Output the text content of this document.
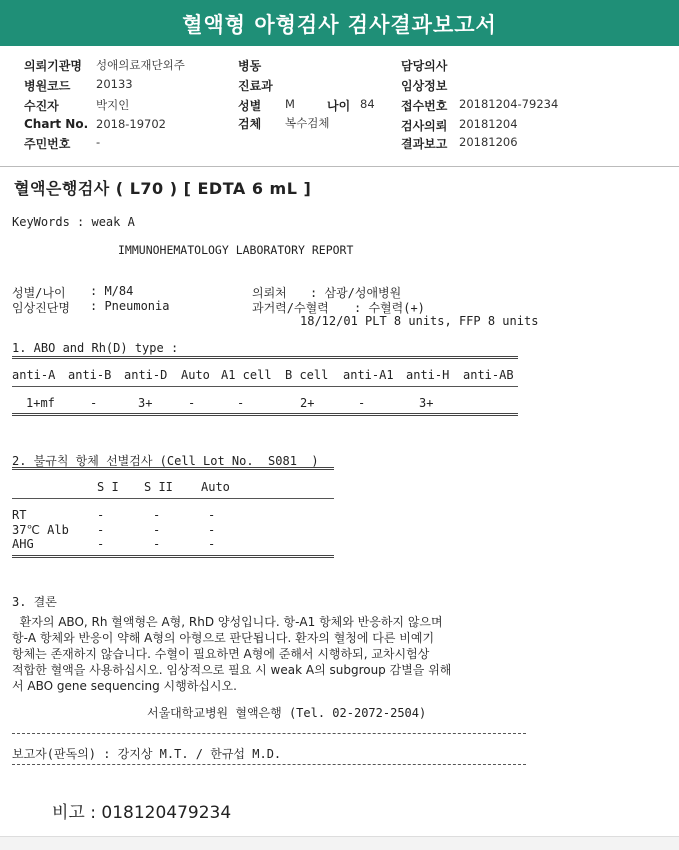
혈액형 아형검사 검사결과보고서
의뢰기관명 성애의료재단외주
병원코드 20133
수진자	박지인
Chart No. 2018-19702
주민번호 -
병동
진료과
성별 M	나이 84
검체 복수검체
담당의사
임상정보
접수번호 20181204-79234
검사의뢰 20181204
결과보고 20181206
혈액은행검사 ( L70 ) [ EDTA 6 mL ]
KeyWords : weak A
IMMUNOHEMATOLOGY LABORATORY REPORT
성별/나이 : M/84
임상진단명 : Pneumonia
의뢰처 : 삼광/성애병원
과거력/수혈력 : 수혈력(+)
18/12/01 PLT 8 units, FFP 8 units
1. ABO and Rh(D) type :
anti-A anti-B anti-D Auto A1 cell B cell anti-A1 anti-H anti-AB
1+mf	-	3+	-	-	2+	-	3+
2. 불규칙 항체 선별검사 (Cell Lot No.  S081  )
S I S II Auto
RT	-	-	-
37℃ Alb -	-	-
AHG	-	-	-
3. 결론
환자의 ABO, Rh 혈액형은 A형, RhD 양성입니다. 항-A1 항체와 반응하지 않으며
항-A 항체와 반응이 약해 A형의 아형으로 판단됩니다. 환자의 혈청에 다른 비예기
항체는 존재하지 않습니다. 수혈이 필요하면 A형에 준해서 시행하되, 교차시험상
적합한 혈액을 사용하십시오. 임상적으로 필요 시 weak A의 subgroup 감별을 위해
서 ABO gene sequencing 시행하십시오.
서울대학교병원 혈액은행 (Tel. 02-2072-2504)
보고자(판독의) : 강지상 M.T. / 한규섭 M.D.
비고 : 018120479234
